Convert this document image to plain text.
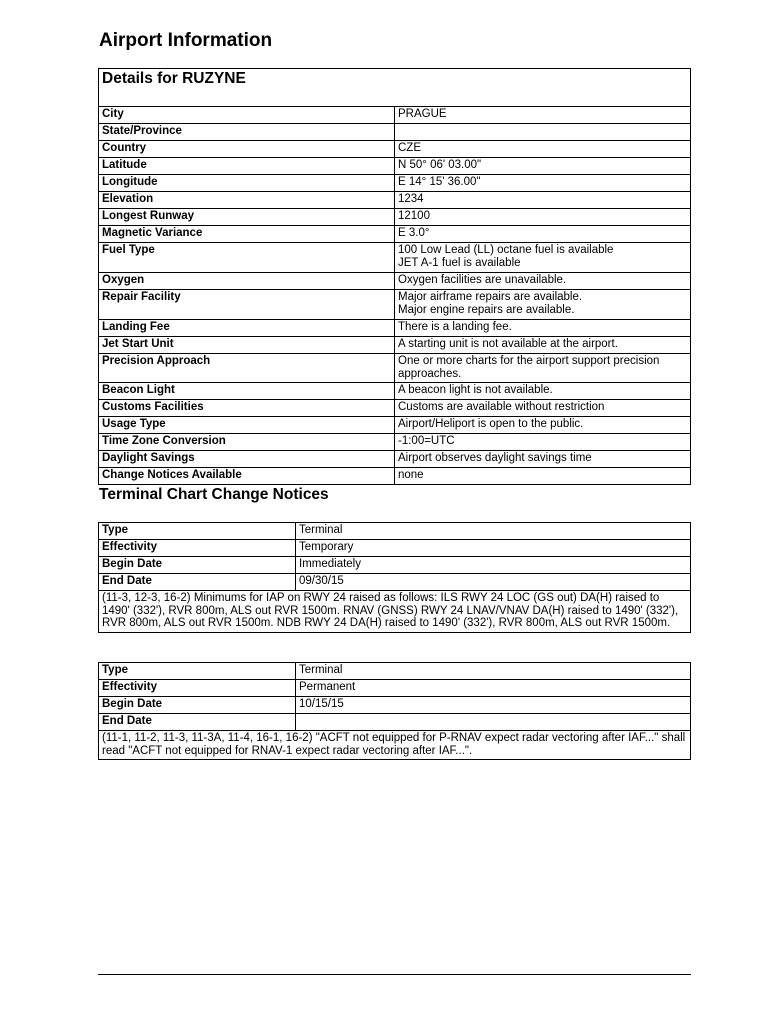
Airport Information
Details for RUZYNE	
City	PRAGUE
State/Province	
Country	CZE
Latitude	N 50° 06' 03.00"
Longitude	E 14° 15' 36.00"
Elevation	1234
Longest Runway	12100
Magnetic Variance	E 3.0°
Fuel Type	100 Low Lead (LL) octane fuel is available
JET A-1 fuel is available
Oxygen	Oxygen facilities are unavailable.
Repair Facility	Major airframe repairs are available.
Major engine repairs are available.
Landing Fee	There is a landing fee.
Jet Start Unit	A starting unit is not available at the airport.
Precision Approach	One or more charts for the airport support precision approaches.
Beacon Light	A beacon light is not available.
Customs Facilities	Customs are available without restriction
Usage Type	Airport/Heliport is open to the public.
Time Zone Conversion	-1:00=UTC
Daylight Savings	Airport observes daylight savings time
Change Notices Available	none
Terminal Chart Change Notices
Type	Terminal
Effectivity	Temporary
Begin Date	Immediately
End Date	09/30/15
(11-3, 12-3, 16-2) Minimums for IAP on RWY 24 raised as follows: ILS RWY 24 LOC (GS out) DA(H) raised to 1490' (332'), RVR 800m, ALS out RVR 1500m. RNAV (GNSS) RWY 24 LNAV/VNAV DA(H) raised to 1490' (332'), RVR 800m, ALS out RVR 1500m. NDB RWY 24 DA(H) raised to 1490' (332'), RVR 800m, ALS out RVR 1500m.	
Type	Terminal
Effectivity	Permanent
Begin Date	10/15/15
End Date	
(11-1, 11-2, 11-3, 11-3A, 11-4, 16-1, 16-2) "ACFT not equipped for P-RNAV expect radar vectoring after IAF..." shall read "ACFT not equipped for RNAV-1 expect radar vectoring after IAF...".	
